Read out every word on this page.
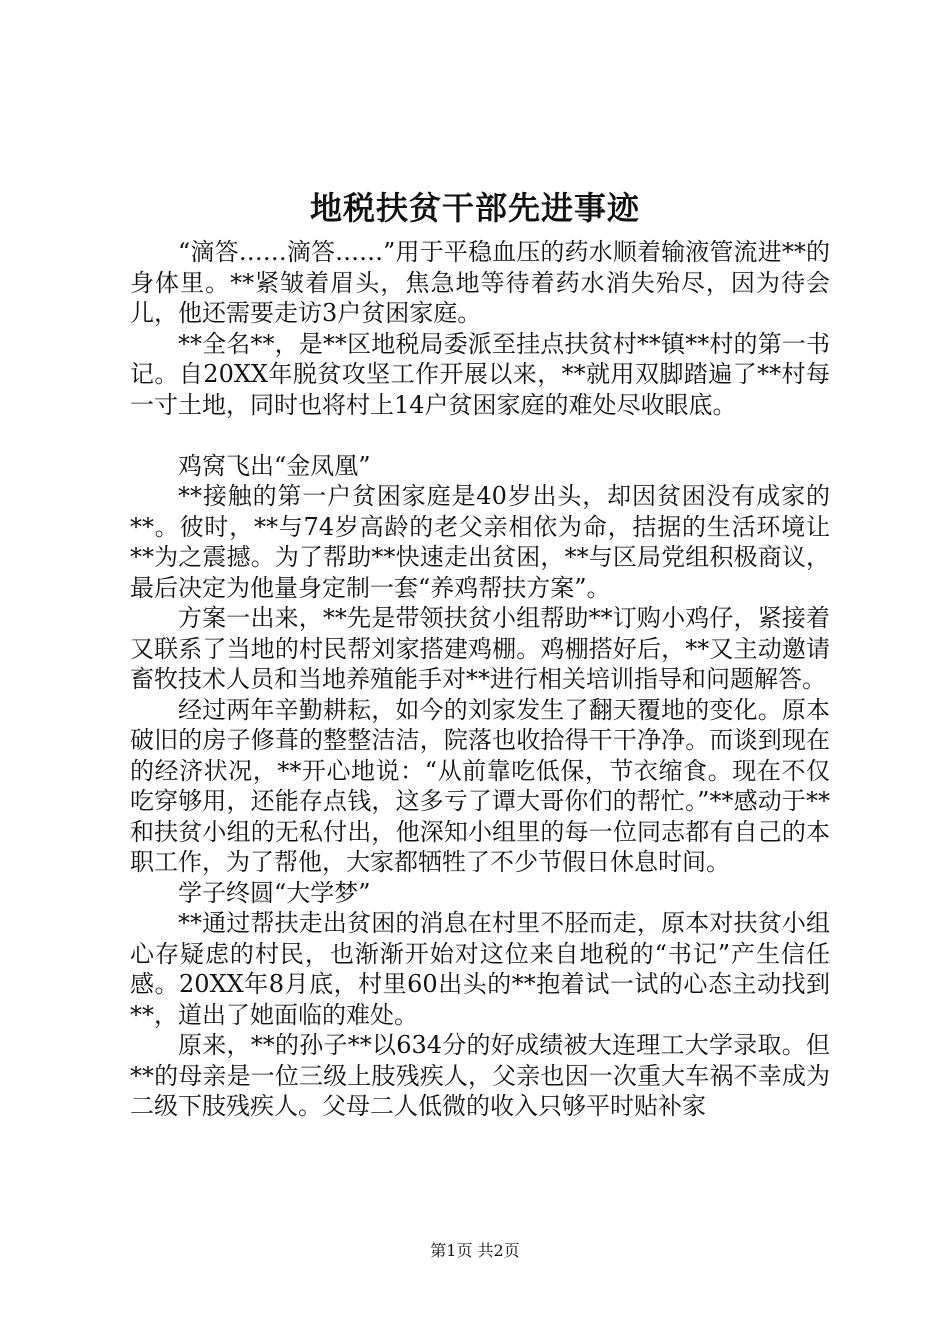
地税扶贫干部先进事迹

“滴答……滴答……”用于平稳血压的药水顺着输液管流进**的身体里。**紧皱着眉头，焦急地等待着药水消失殆尽，因为待会儿，他还需要走访3户贫困家庭。

**全名**，是**区地税局委派至挂点扶贫村**镇**村的第一书记。自20XX年脱贫攻坚工作开展以来，**就用双脚踏遍了**村每一寸土地，同时也将村上14户贫困家庭的难处尽收眼底。

鸡窝飞出“金凤凰”

**接触的第一户贫困家庭是40岁出头，却因贫困没有成家的**。彼时，**与74岁高龄的老父亲相依为命，拮据的生活环境让**为之震撼。为了帮助**快速走出贫困，**与区局党组积极商议，最后决定为他量身定制一套“养鸡帮扶方案”。

方案一出来，**先是带领扶贫小组帮助**订购小鸡仔，紧接着又联系了当地的村民帮刘家搭建鸡棚。鸡棚搭好后，**又主动邀请畜牧技术人员和当地养殖能手对**进行相关培训指导和问题解答。

经过两年辛勤耕耘，如今的刘家发生了翻天覆地的变化。原本破旧的房子修葺的整整洁洁，院落也收拾得干干净净。而谈到现在的经济状况，**开心地说：“从前靠吃低保，节衣缩食。现在不仅吃穿够用，还能存点钱，这多亏了谭大哥你们的帮忙。”**感动于**和扶贫小组的无私付出，他深知小组里的每一位同志都有自己的本职工作，为了帮他，大家都牺牲了不少节假日休息时间。

学子终圆“大学梦”

**通过帮扶走出贫困的消息在村里不胫而走，原本对扶贫小组心存疑虑的村民，也渐渐开始对这位来自地税的“书记”产生信任感。20XX年8月底，村里60出头的**抱着试一试的心态主动找到**，道出了她面临的难处。

原来，**的孙子**以634分的好成绩被大连理工大学录取。但**的母亲是一位三级上肢残疾人，父亲也因一次重大车祸不幸成为二级下肢残疾人。父母二人低微的收入只够平时贴补家

第1页 共2页
